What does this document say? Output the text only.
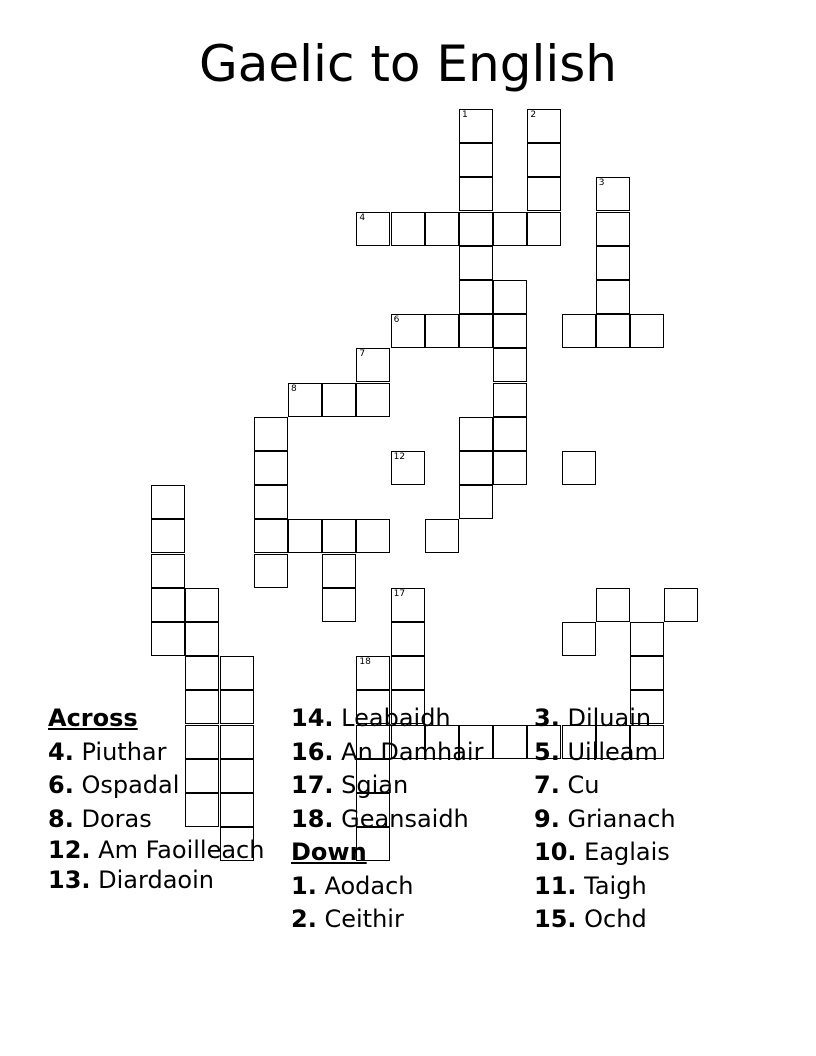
Gaelic to English
1	2
3
4
6
7
8
12
17
18
Across
4. Piuthar
6. Ospadal
8. Doras
12. Am Faoilleach
13. Diardaoin
14. Leabaidh
16. An Damhair
17. Sgian
18. Geansaidh
Down
1. Aodach
2. Ceithir
3. Diluain
5. Uilleam
7. Cu
9. Grianach
10. Eaglais
11. Taigh
15. Ochd
